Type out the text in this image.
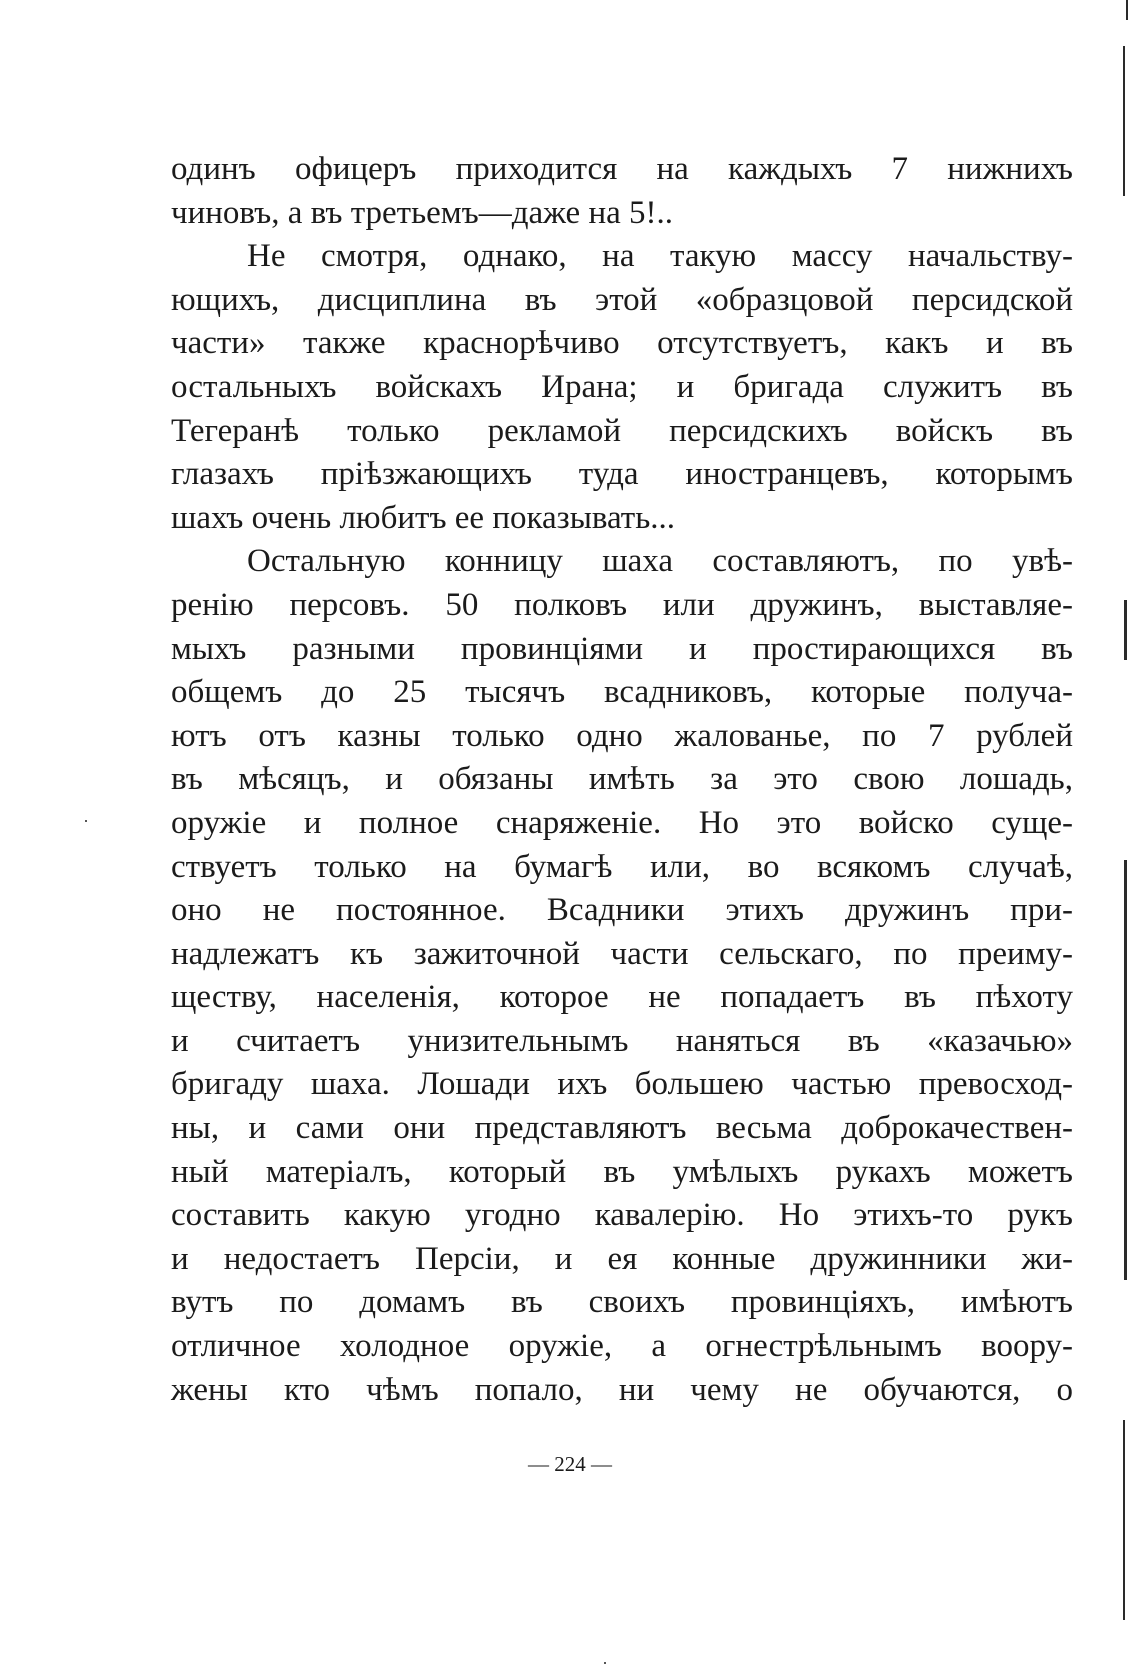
одинъ офицеръ приходится на каждыхъ 7 нижнихъ
чиновъ, а въ третьемъ—даже на 5!..
Не смотря, однако, на такую массу начальству-
ющихъ, дисциплина въ этой «образцовой персидской
части» также краснорѣчиво отсутствуетъ, какъ и въ
остальныхъ войскахъ Ирана; и бригада служитъ въ
Тегеранѣ только рекламой персидскихъ войскъ въ
глазахъ пріѣзжающихъ туда иностранцевъ, которымъ
шахъ очень любитъ ее показывать...
Остальную конницу шаха составляютъ, по увѣ-
ренію персовъ. 50 полковъ или дружинъ, выставляе-
мыхъ разными провинціями и простирающихся въ
общемъ до 25 тысячъ всадниковъ, которые получа-
ютъ отъ казны только одно жалованье, по 7 рублей
въ мѣсяцъ, и обязаны имѣть за это свою лошадь,
оружіе и полное снаряженіе. Но это войско суще-
ствуетъ только на бумагѣ или, во всякомъ случаѣ,
оно не постоянное. Всадники этихъ дружинъ при-
надлежатъ къ зажиточной части сельскаго, по преиму-
ществу, населенія, которое не попадаетъ въ пѣхоту
и считаетъ унизительнымъ наняться въ «казачью»
бригаду шаха. Лошади ихъ большею частью превосход-
ны, и сами они представляютъ весьма доброкачествен-
ный матеріалъ, который въ умѣлыхъ рукахъ можетъ
составить какую угодно кавалерію. Но этихъ-то рукъ
и недостаетъ Персіи, и ея конные дружинники жи-
вутъ по домамъ въ своихъ провинціяхъ, имѣютъ
отличное холодное оружіе, а огнестрѣльнымъ воору-
жены кто чѣмъ попало, ни чему не обучаются, о
— 224 —
